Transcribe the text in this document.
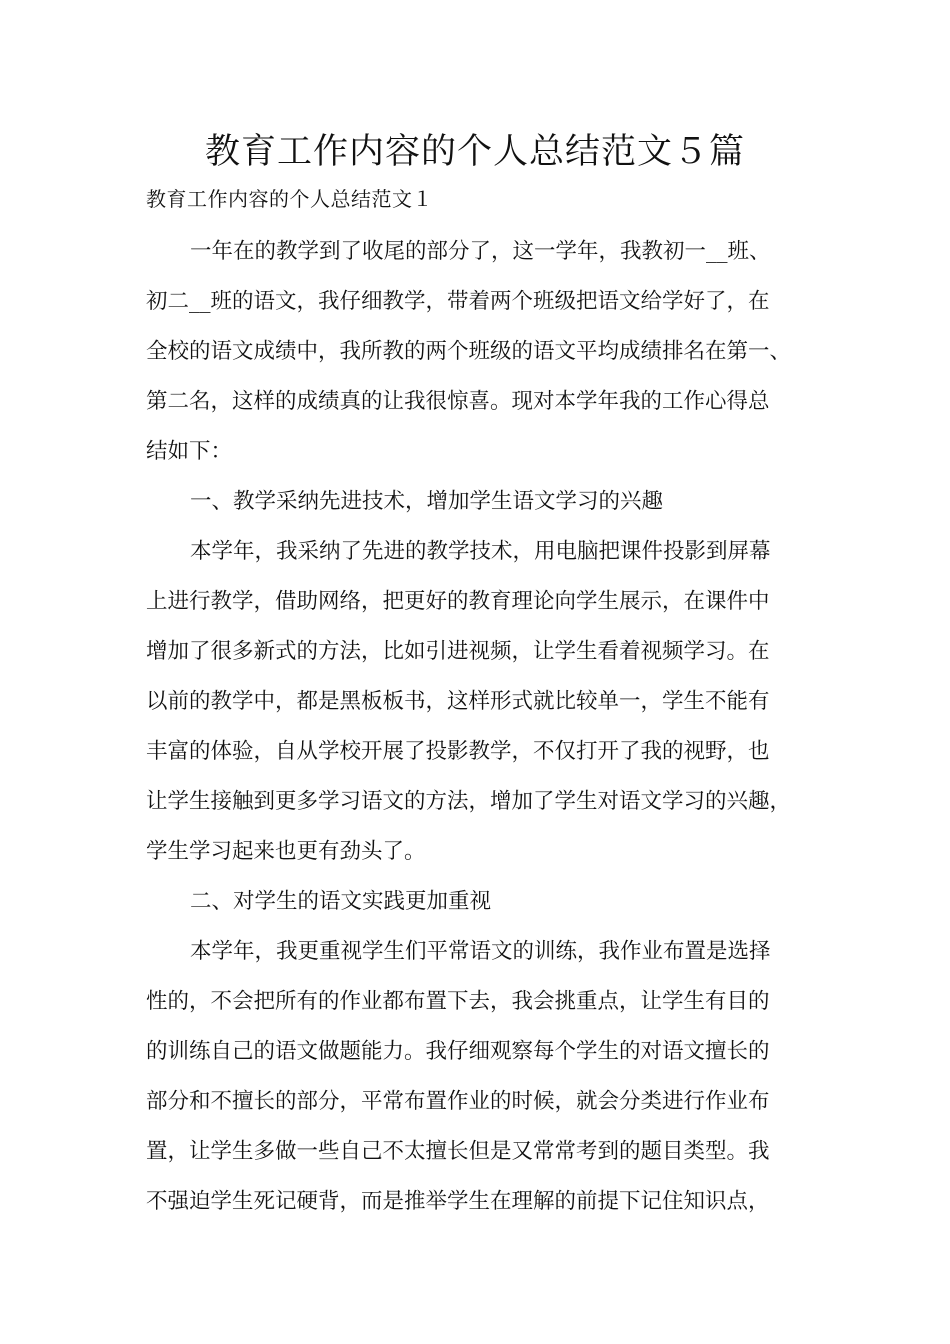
教育工作内容的个人总结范文５篇

教育工作内容的个人总结范文１

一年在的教学到了收尾的部分了，这一学年，我教初一__班、
初二__班的语文，我仔细教学，带着两个班级把语文给学好了，在
全校的语文成绩中，我所教的两个班级的语文平均成绩排名在第一、
第二名，这样的成绩真的让我很惊喜。现对本学年我的工作心得总
结如下：
一、教学采纳先进技术，增加学生语文学习的兴趣
本学年，我采纳了先进的教学技术，用电脑把课件投影到屏幕
上进行教学，借助网络，把更好的教育理论向学生展示，在课件中
增加了很多新式的方法，比如引进视频，让学生看着视频学习。在
以前的教学中，都是黑板板书，这样形式就比较单一，学生不能有
丰富的体验，自从学校开展了投影教学，不仅打开了我的视野，也
让学生接触到更多学习语文的方法，增加了学生对语文学习的兴趣，
学生学习起来也更有劲头了。
二、对学生的语文实践更加重视
本学年，我更重视学生们平常语文的训练，我作业布置是选择
性的，不会把所有的作业都布置下去，我会挑重点，让学生有目的
的训练自己的语文做题能力。我仔细观察每个学生的对语文擅长的
部分和不擅长的部分，平常布置作业的时候，就会分类进行作业布
置，让学生多做一些自己不太擅长但是又常常考到的题目类型。我
不强迫学生死记硬背，而是推举学生在理解的前提下记住知识点，
